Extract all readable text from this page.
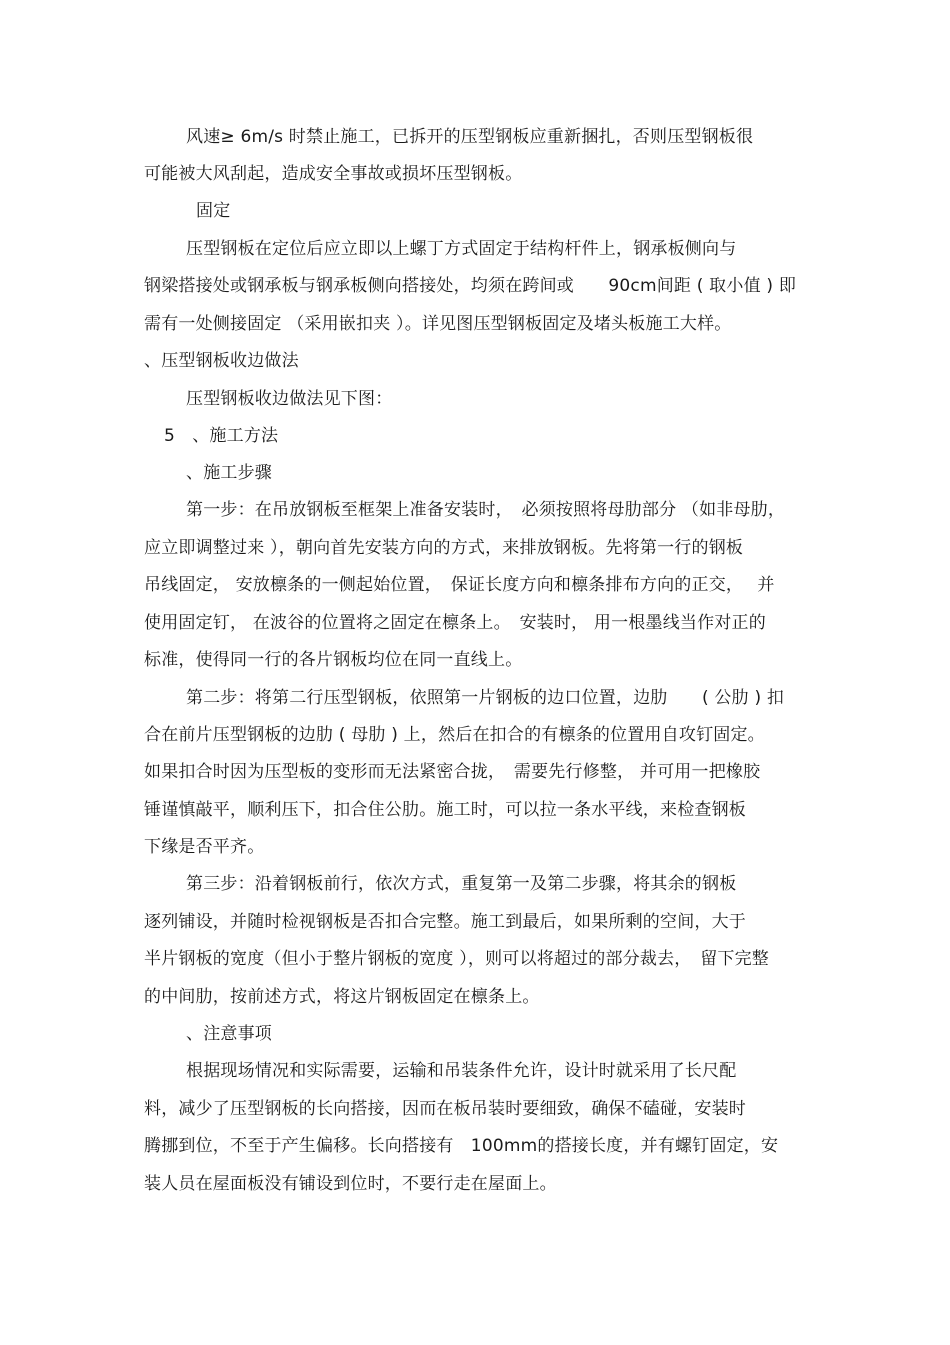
风速≥ 6m/s 时禁止施工，已拆开的压型钢板应重新捆扎，否则压型钢板很
可能被大风刮起，造成安全事故或损坏压型钢板。
固定
压型钢板在定位后应立即以上螺丁方式固定于结构杆件上，钢承板侧向与
钢梁搭接处或钢承板与钢承板侧向搭接处，均须在跨间或　　90cm间距 ( 取小值 ) 即
需有一处侧接固定 （采用嵌扣夹 ）。详见图压型钢板固定及堵头板施工大样。
、压型钢板收边做法
压型钢板收边做法见下图：
5　、施工方法
、施工步骤
第一步：在吊放钢板至框架上准备安装时，　必须按照将母肋部分 （如非母肋，
应立即调整过来 ），朝向首先安装方向的方式，来排放钢板。先将第一行的钢板
吊线固定， 安放檩条的一侧起始位置，　保证长度方向和檩条排布方向的正交，　 并
使用固定钉， 在波谷的位置将之固定在檩条上。　安装时， 用一根墨线当作对正的
标准，使得同一行的各片钢板均位在同一直线上。
第二步：将第二行压型钢板，依照第一片钢板的边口位置，边肋　　( 公肋 ) 扣
合在前片压型钢板的边肋 ( 母肋 ) 上，然后在扣合的有檩条的位置用自攻钉固定。
如果扣合时因为压型板的变形而无法紧密合拢，　需要先行修整， 并可用一把橡胶
锤谨慎敲平，顺利压下，扣合住公肋。施工时，可以拉一条水平线，来检查钢板
下缘是否平齐。
第三步：沿着钢板前行，依次方式，重复第一及第二步骤，将其余的钢板
逐列铺设，并随时检视钢板是否扣合完整。施工到最后，如果所剩的空间，大于
半片钢板的宽度（但小于整片钢板的宽度 ），则可以将超过的部分裁去，　留下完整
的中间肋，按前述方式，将这片钢板固定在檩条上。
、注意事项
根据现场情况和实际需要，运输和吊装条件允许，设计时就采用了长尺配
料，减少了压型钢板的长向搭接，因而在板吊装时要细致，确保不磕碰，安装时
腾挪到位，不至于产生偏移。长向搭接有　100mm的搭接长度，并有螺钉固定，安
装人员在屋面板没有铺设到位时，不要行走在屋面上。
